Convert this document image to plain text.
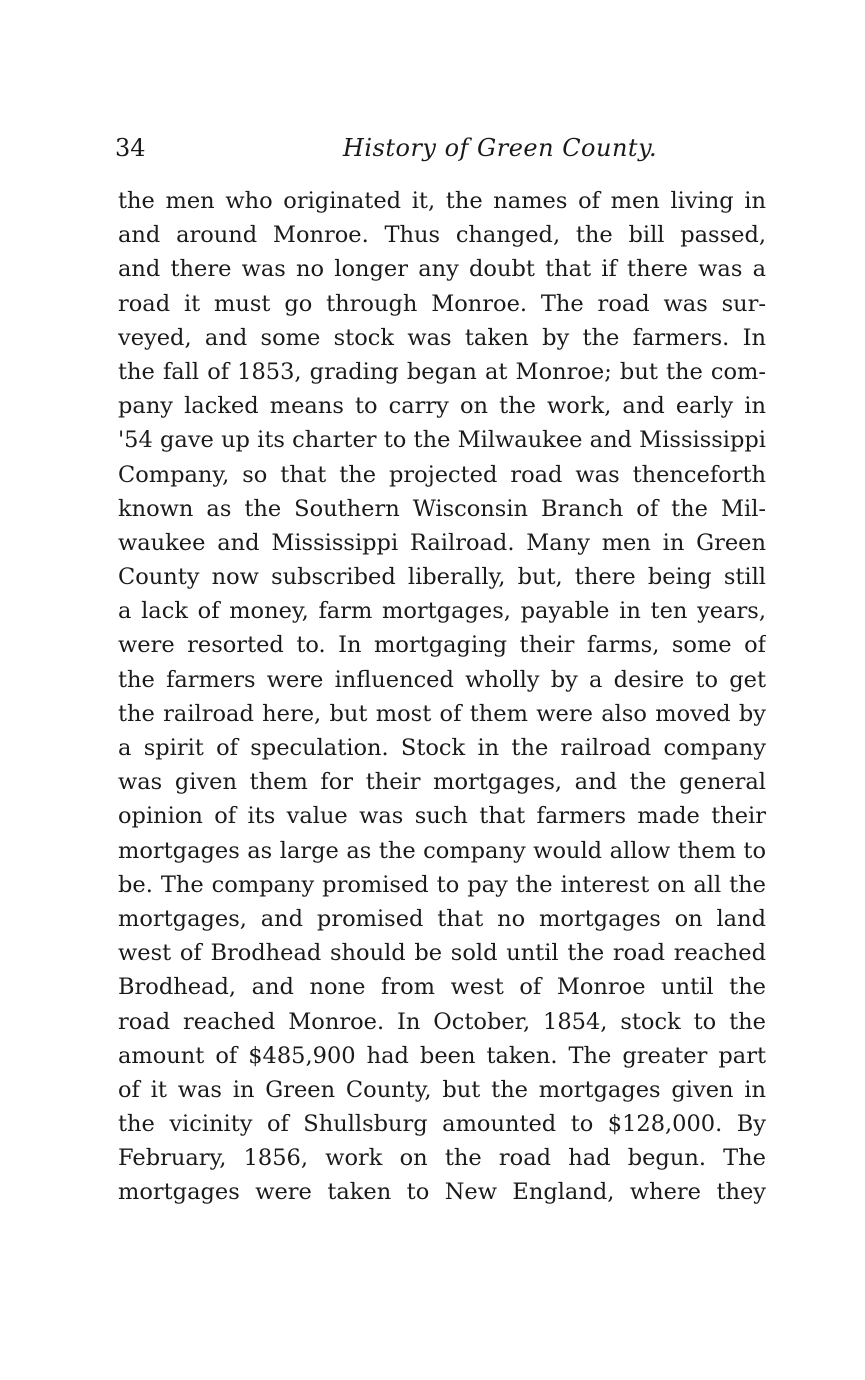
34	History of Green County.
the men who originated it, the names of men living in
and around Monroe. Thus changed, the bill passed,
and there was no longer any doubt that if there was a
road it must go through Monroe. The road was sur-
veyed, and some stock was taken by the farmers. In
the fall of 1853, grading began at Monroe; but the com-
pany lacked means to carry on the work, and early in
'54 gave up its charter to the Milwaukee and Mississippi
Company, so that the projected road was thenceforth
known as the Southern Wisconsin Branch of the Mil-
waukee and Mississippi Railroad. Many men in Green
County now subscribed liberally, but, there being still
a lack of money, farm mortgages, payable in ten years,
were resorted to. In mortgaging their farms, some of
the farmers were influenced wholly by a desire to get
the railroad here, but most of them were also moved by
a spirit of speculation. Stock in the railroad company
was given them for their mortgages, and the general
opinion of its value was such that farmers made their
mortgages as large as the company would allow them to
be. The company promised to pay the interest on all the
mortgages, and promised that no mortgages on land
west of Brodhead should be sold until the road reached
Brodhead, and none from west of Monroe until the
road reached Monroe. In October, 1854, stock to the
amount of $485,900 had been taken. The greater part
of it was in Green County, but the mortgages given in
the vicinity of Shullsburg amounted to $128,000. By
February, 1856, work on the road had begun. The
mortgages were taken to New England, where they
